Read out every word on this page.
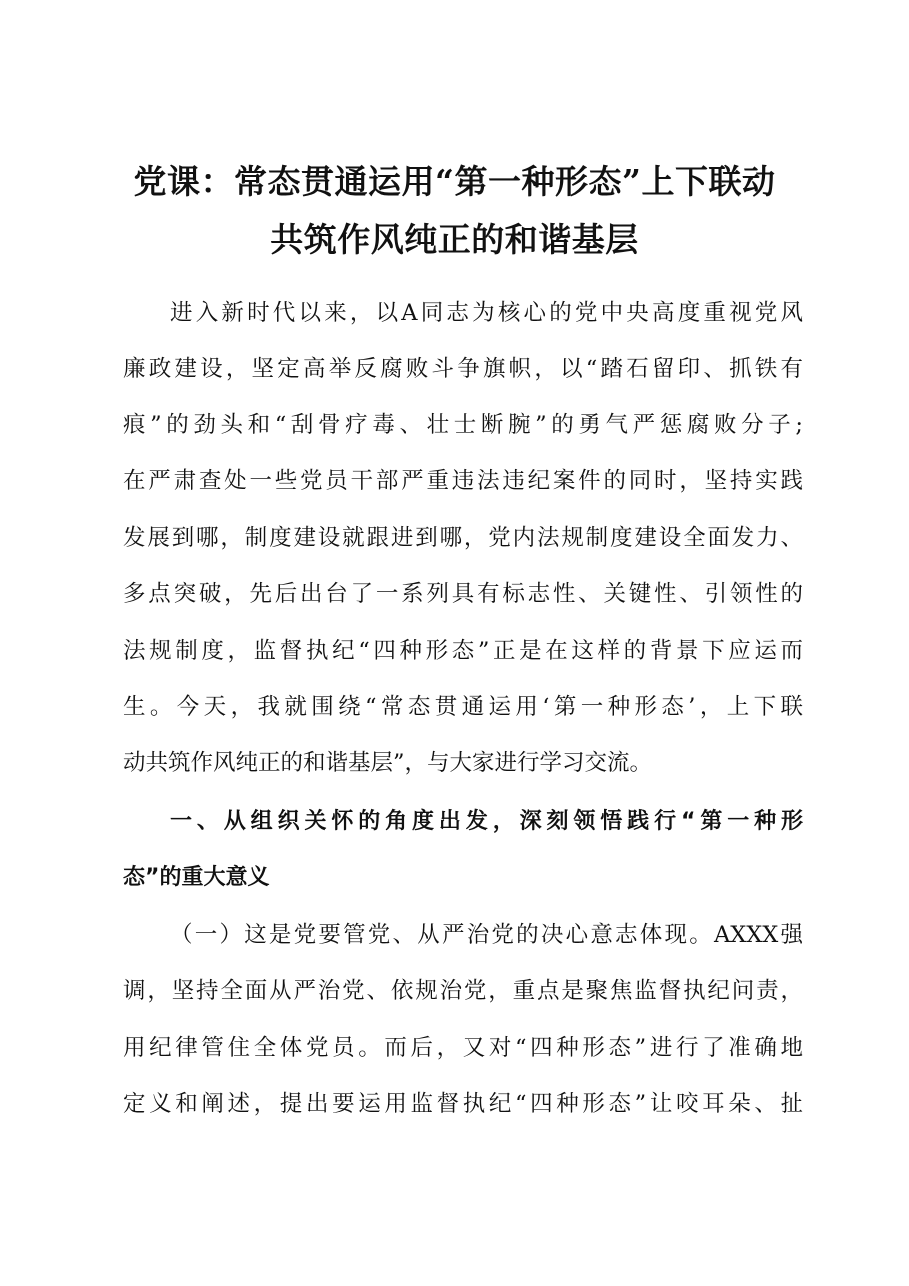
党课：常态贯通运用“第一种形态”上下联动
共筑作风纯正的和谐基层
进入新时代以来，以A同志为核心的党中央高度重视党风
廉政建设，坚定高举反腐败斗争旗帜，以“踏石留印、抓铁有
痕”的劲头和“刮骨疗毒、壮士断腕”的勇气严惩腐败分子;
在严肃查处一些党员干部严重违法违纪案件的同时，坚持实践
发展到哪，制度建设就跟进到哪，党内法规制度建设全面发力、
多点突破，先后出台了一系列具有标志性、关键性、引领性的
法规制度，监督执纪“四种形态”正是在这样的背景下应运而
生。今天，我就围绕“常态贯通运用‘第一种形态’，上下联
动共筑作风纯正的和谐基层”，与大家进行学习交流。
一、从组织关怀的角度出发，深刻领悟践行“第一种形
态”的重大意义
（一）这是党要管党、从严治党的决心意志体现。AXXX强
调，坚持全面从严治党、依规治党，重点是聚焦监督执纪问责，
用纪律管住全体党员。而后，又对“四种形态”进行了准确地
定义和阐述，提出要运用监督执纪“四种形态”让咬耳朵、扯
